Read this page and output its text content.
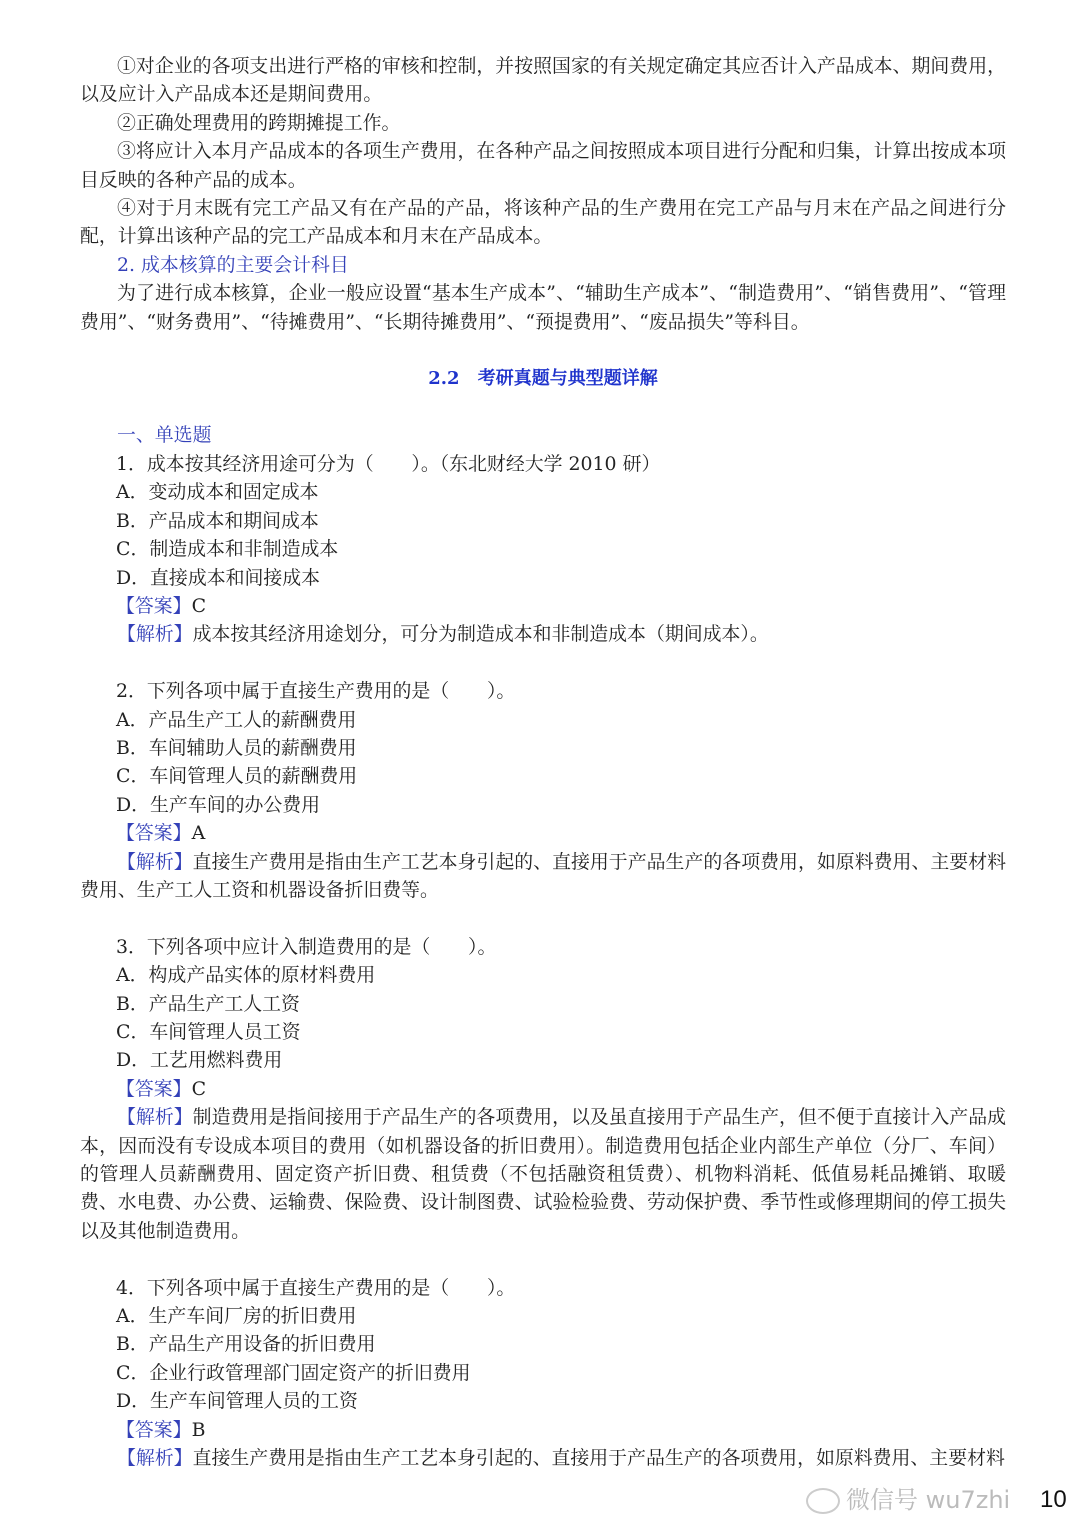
①对企业的各项支出进行严格的审核和控制，并按照国家的有关规定确定其应否计入产品成本、期间费用，以及应计入产品成本还是期间费用。

②正确处理费用的跨期摊提工作。

③将应计入本月产品成本的各项生产费用，在各种产品之间按照成本项目进行分配和归集，计算出按成本项目反映的各种产品的成本。

④对于月末既有完工产品又有在产品的产品，将该种产品的生产费用在完工产品与月末在产品之间进行分配，计算出该种产品的完工产品成本和月末在产品成本。

2. 成本核算的主要会计科目

为了进行成本核算，企业一般应设置“基本生产成本”、“辅助生产成本”、“制造费用”、“销售费用”、“管理费用”、“财务费用”、“待摊费用”、“长期待摊费用”、“预提费用”、“废品损失”等科目。

2.2 考研真题与典型题详解

一、单选题

1．成本按其经济用途可分为（　　）。（东北财经大学 2010 研）

A．变动成本和固定成本

B．产品成本和期间成本

C．制造成本和非制造成本

D．直接成本和间接成本

【答案】C

【解析】成本按其经济用途划分，可分为制造成本和非制造成本（期间成本）。

2．下列各项中属于直接生产费用的是（　　）。

A．产品生产工人的薪酬费用

B．车间辅助人员的薪酬费用

C．车间管理人员的薪酬费用

D．生产车间的办公费用

【答案】A

【解析】直接生产费用是指由生产工艺本身引起的、直接用于产品生产的各项费用，如原料费用、主要材料费用、生产工人工资和机器设备折旧费等。

3．下列各项中应计入制造费用的是（　　）。

A．构成产品实体的原材料费用

B．产品生产工人工资

C．车间管理人员工资

D．工艺用燃料费用

【答案】C

【解析】制造费用是指间接用于产品生产的各项费用，以及虽直接用于产品生产，但不便于直接计入产品成本，因而没有专设成本项目的费用（如机器设备的折旧费用）。制造费用包括企业内部生产单位（分厂、车间）的管理人员薪酬费用、固定资产折旧费、租赁费（不包括融资租赁费）、机物料消耗、低值易耗品摊销、取暖费、水电费、办公费、运输费、保险费、设计制图费、试验检验费、劳动保护费、季节性或修理期间的停工损失以及其他制造费用。

4．下列各项中属于直接生产费用的是（　　）。

A．生产车间厂房的折旧费用

B．产品生产用设备的折旧费用

C．企业行政管理部门固定资产的折旧费用

D．生产车间管理人员的工资

【答案】B

【解析】直接生产费用是指由生产工艺本身引起的、直接用于产品生产的各项费用，如原料费用、主要材料

微信号 wu7zhi 10
